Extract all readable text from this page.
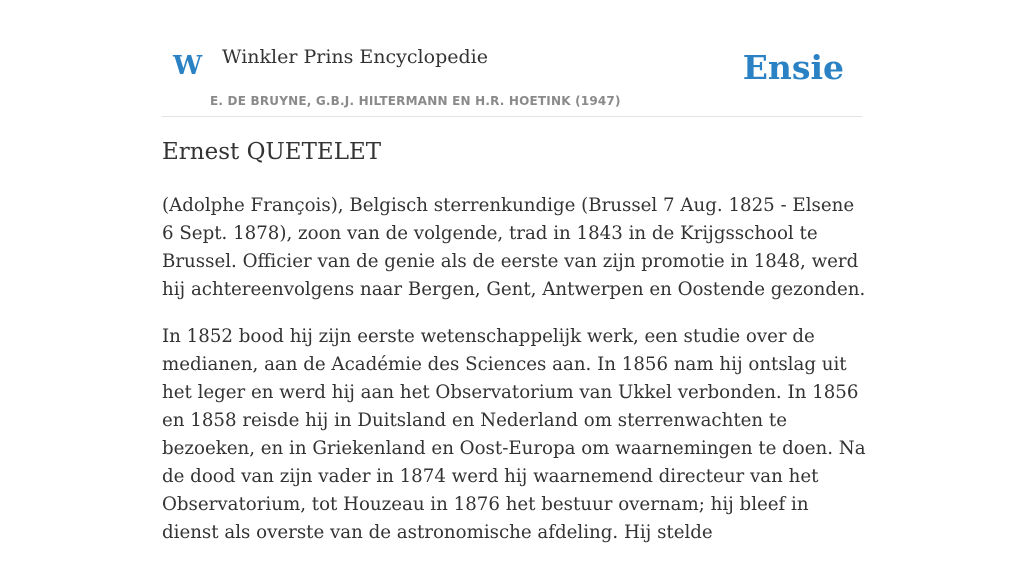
W Winkler Prins Encyclopedie
E. DE BRUYNE, G.B.J. HILTERMANN EN H.R. HOETINK (1947)
Ensie
Ernest QUETELET

(Adolphe François), Belgisch sterrenkundige (Brussel 7 Aug. 1825 - Elsene 6 Sept. 1878), zoon van de volgende, trad in 1843 in de Krijgsschool te Brussel. Officier van de genie als de eerste van zijn promotie in 1848, werd hij achtereenvolgens naar Bergen, Gent, Antwerpen en Oostende gezonden.

In 1852 bood hij zijn eerste wetenschappelijk werk, een studie over de medianen, aan de Académie des Sciences aan. In 1856 nam hij ontslag uit het leger en werd hij aan het Observatorium van Ukkel verbonden. In 1856 en 1858 reisde hij in Duitsland en Nederland om sterrenwachten te bezoeken, en in Griekenland en Oost-Europa om waarnemingen te doen. Na de dood van zijn vader in 1874 werd hij waarnemend directeur van het Observatorium, tot Houzeau in 1876 het bestuur overnam; hij bleef in dienst als overste van de astronomische afdeling. Hij stelde
